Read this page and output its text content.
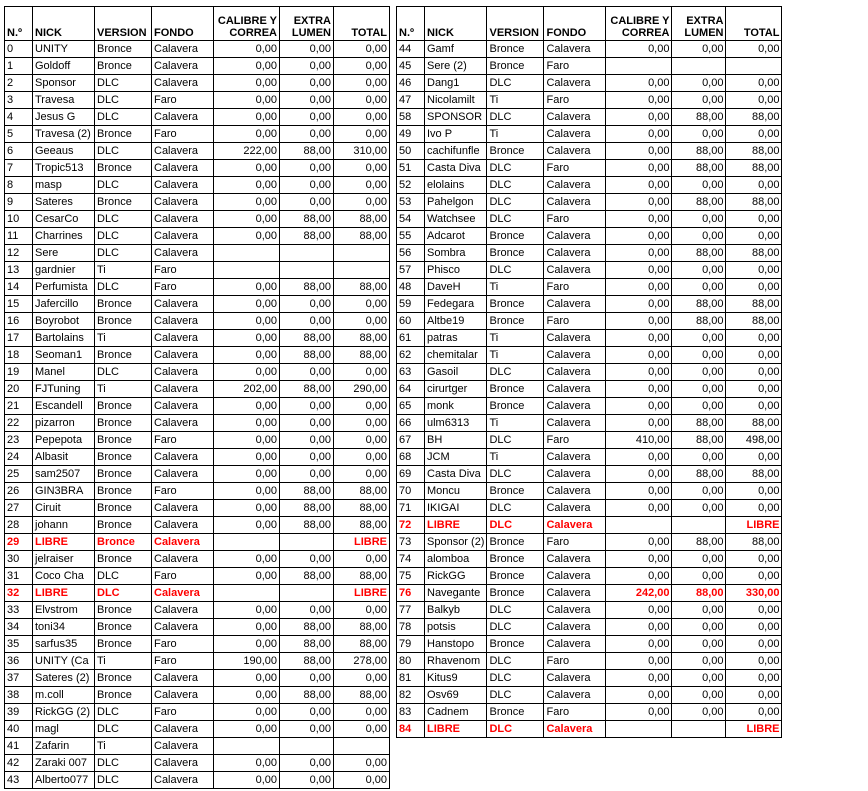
N.º	NICK	VERSION	FONDO	CALIBRE Y CORREA	EXTRA LUMEN	TOTAL
0	UNITY	Bronce	Calavera	0,00	0,00	0,00
1	Goldoff	Bronce	Calavera	0,00	0,00	0,00
2	Sponsor	DLC	Calavera	0,00	0,00	0,00
3	Travesa	DLC	Faro	0,00	0,00	0,00
4	Jesus G	DLC	Calavera	0,00	0,00	0,00
5	Travesa (2)	Bronce	Faro	0,00	0,00	0,00
6	Geeaus	DLC	Calavera	222,00	88,00	310,00
7	Tropic513	Bronce	Calavera	0,00	0,00	0,00
8	masp	DLC	Calavera	0,00	0,00	0,00
9	Sateres	Bronce	Calavera	0,00	0,00	0,00
10	CesarCo	DLC	Calavera	0,00	88,00	88,00
11	Charrines	DLC	Calavera	0,00	88,00	88,00
12	Sere	DLC	Calavera			
13	gardnier	Ti	Faro			
14	Perfumista	DLC	Faro	0,00	88,00	88,00
15	Jafercillo	Bronce	Calavera	0,00	0,00	0,00
16	Boyrobot	Bronce	Calavera	0,00	0,00	0,00
17	Bartolains	Ti	Calavera	0,00	88,00	88,00
18	Seoman1	Bronce	Calavera	0,00	88,00	88,00
19	Manel	DLC	Calavera	0,00	0,00	0,00
20	FJTuning	Ti	Calavera	202,00	88,00	290,00
21	Escandell	Bronce	Calavera	0,00	0,00	0,00
22	pizarron	Bronce	Calavera	0,00	0,00	0,00
23	Pepepota	Bronce	Faro	0,00	0,00	0,00
24	Albasit	Bronce	Calavera	0,00	0,00	0,00
25	sam2507	Bronce	Calavera	0,00	0,00	0,00
26	GIN3BRA	Bronce	Faro	0,00	88,00	88,00
27	Ciruit	Bronce	Calavera	0,00	88,00	88,00
28	johann	Bronce	Calavera	0,00	88,00	88,00
29	LIBRE	Bronce	Calavera			LIBRE
30	jelraiser	Bronce	Calavera	0,00	0,00	0,00
31	Coco Cha	DLC	Faro	0,00	88,00	88,00
32	LIBRE	DLC	Calavera			LIBRE
33	Elvstrom	Bronce	Calavera	0,00	0,00	0,00
34	toni34	Bronce	Calavera	0,00	88,00	88,00
35	sarfus35	Bronce	Faro	0,00	88,00	88,00
36	UNITY (Ca	Ti	Faro	190,00	88,00	278,00
37	Sateres (2)	Bronce	Calavera	0,00	0,00	0,00
38	m.coll	Bronce	Calavera	0,00	88,00	88,00
39	RickGG (2)	DLC	Faro	0,00	0,00	0,00
40	magl	DLC	Calavera	0,00	0,00	0,00
41	Zafarin	Ti	Calavera			
42	Zaraki 007	DLC	Calavera	0,00	0,00	0,00
43	Alberto077	DLC	Calavera	0,00	0,00	0,00
N.º	NICK	VERSION	FONDO	CALIBRE Y CORREA	EXTRA LUMEN	TOTAL
44	Gamf	Bronce	Calavera	0,00	0,00	0,00
45	Sere (2)	Bronce	Faro			
46	Dang1	DLC	Calavera	0,00	0,00	0,00
47	Nicolamilt	Ti	Faro	0,00	0,00	0,00
58	SPONSOR	DLC	Calavera	0,00	88,00	88,00
49	Ivo P	Ti	Calavera	0,00	0,00	0,00
50	cachifunfle	Bronce	Calavera	0,00	88,00	88,00
51	Casta Diva	DLC	Faro	0,00	88,00	88,00
52	elolains	DLC	Calavera	0,00	0,00	0,00
53	Pahelgon	DLC	Calavera	0,00	88,00	88,00
54	Watchsee	DLC	Faro	0,00	0,00	0,00
55	Adcarot	Bronce	Calavera	0,00	0,00	0,00
56	Sombra	Bronce	Calavera	0,00	88,00	88,00
57	Phisco	DLC	Calavera	0,00	0,00	0,00
48	DaveH	Ti	Faro	0,00	0,00	0,00
59	Fedegara	Bronce	Calavera	0,00	88,00	88,00
60	Altbe19	Bronce	Faro	0,00	88,00	88,00
61	patras	Ti	Calavera	0,00	0,00	0,00
62	chemitalar	Ti	Calavera	0,00	0,00	0,00
63	Gasoil	DLC	Calavera	0,00	0,00	0,00
64	cirurtger	Bronce	Calavera	0,00	0,00	0,00
65	monk	Bronce	Calavera	0,00	0,00	0,00
66	ulm6313	Ti	Calavera	0,00	88,00	88,00
67	BH	DLC	Faro	410,00	88,00	498,00
68	JCM	Ti	Calavera	0,00	0,00	0,00
69	Casta Diva	DLC	Calavera	0,00	88,00	88,00
70	Moncu	Bronce	Calavera	0,00	0,00	0,00
71	IKIGAI	DLC	Calavera	0,00	0,00	0,00
72	LIBRE	DLC	Calavera			LIBRE
73	Sponsor (2)	Bronce	Faro	0,00	88,00	88,00
74	alomboa	Bronce	Calavera	0,00	0,00	0,00
75	RickGG	Bronce	Calavera	0,00	0,00	0,00
76	Navegante	Bronce	Calavera	242,00	88,00	330,00
77	Balkyb	DLC	Calavera	0,00	0,00	0,00
78	potsis	DLC	Calavera	0,00	0,00	0,00
79	Hanstopo	Bronce	Calavera	0,00	0,00	0,00
80	Rhavenom	DLC	Faro	0,00	0,00	0,00
81	Kitus9	DLC	Calavera	0,00	0,00	0,00
82	Osv69	DLC	Calavera	0,00	0,00	0,00
83	Cadnem	Bronce	Faro	0,00	0,00	0,00
84	LIBRE	DLC	Calavera			LIBRE
